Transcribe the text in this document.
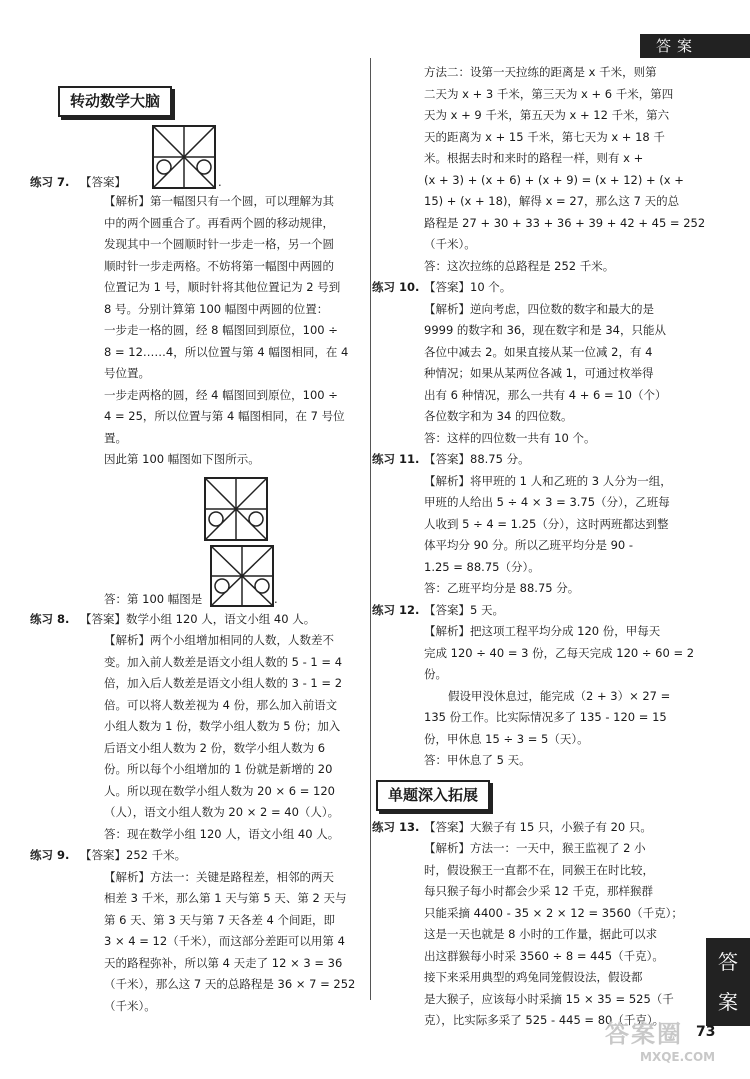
答案
答
案
转动数学大脑
练习 7. 【答案】	.
【解析】第一幅图只有一个圆，可以理解为其
中的两个圆重合了。再看两个圆的移动规律，
发现其中一个圆顺时针一步走一格，另一个圆
顺时针一步走两格。不妨将第一幅图中两圆的
位置记为 1 号，顺时针将其他位置记为 2 号到
8 号。分别计算第 100 幅图中两圆的位置：
一步走一格的圆，经 8 幅图回到原位，100 ÷
8 = 12……4，所以位置与第 4 幅图相同，在 4
号位置。
一步走两格的圆，经 4 幅图回到原位，100 ÷
4 = 25，所以位置与第 4 幅图相同，在 7 号位
置。
因此第 100 幅图如下图所示。
答：第 100 幅图是	.
练习 8. 【答案】数学小组 120 人，语文小组 40 人。
【解析】两个小组增加相同的人数，人数差不
变。加入前人数差是语文小组人数的 5 - 1 = 4
倍，加入后人数差是语文小组人数的 3 - 1 = 2
倍。可以将人数差视为 4 份，那么加入前语文
小组人数为 1 份，数学小组人数为 5 份；加入
后语文小组人数为 2 份，数学小组人数为 6
份。所以每个小组增加的 1 份就是新增的 20
人。所以现在数学小组人数为 20 × 6 = 120
（人），语文小组人数为 20 × 2 = 40（人）。
答：现在数学小组 120 人，语文小组 40 人。
练习 9. 【答案】252 千米。
【解析】方法一：关键是路程差，相邻的两天
相差 3 千米，那么第 1 天与第 5 天、第 2 天与
第 6 天、第 3 天与第 7 天各差 4 个间距，即
3 × 4 = 12（千米），而这部分差距可以用第 4
天的路程弥补，所以第 4 天走了 12 × 3 = 36
（千米），那么这 7 天的总路程是 36 × 7 = 252
（千米）。
方法二：设第一天拉练的距离是 x 千米，则第
二天为 x + 3 千米，第三天为 x + 6 千米，第四
天为 x + 9 千米，第五天为 x + 12 千米，第六
天的距离为 x + 15 千米，第七天为 x + 18 千
米。根据去时和来时的路程一样，则有 x +
(x + 3) + (x + 6) + (x + 9) = (x + 12) + (x +
15) + (x + 18)，解得 x = 27，那么这 7 天的总
路程是 27 + 30 + 33 + 36 + 39 + 42 + 45 = 252
（千米）。
答：这次拉练的总路程是 252 千米。
练习 10. 【答案】10 个。
【解析】逆向考虑，四位数的数字和最大的是
9999 的数字和 36，现在数字和是 34，只能从
各位中减去 2。如果直接从某一位减 2，有 4
种情况；如果从某两位各减 1，可通过枚举得
出有 6 种情况，那么一共有 4 + 6 = 10（个）
各位数字和为 34 的四位数。
答：这样的四位数一共有 10 个。
练习 11. 【答案】88.75 分。
【解析】将甲班的 1 人和乙班的 3 人分为一组，
甲班的人给出 5 ÷ 4 × 3 = 3.75（分），乙班每
人收到 5 ÷ 4 = 1.25（分），这时两班都达到整
体平均分 90 分。所以乙班平均分是 90 -
1.25 = 88.75（分）。
答：乙班平均分是 88.75 分。
练习 12. 【答案】5 天。
【解析】把这项工程平均分成 120 份，甲每天
完成 120 ÷ 40 = 3 份，乙每天完成 120 ÷ 60 = 2
份。
假设甲没休息过，能完成（2 + 3）× 27 =
135 份工作。比实际情况多了 135 - 120 = 15
份，甲休息 15 ÷ 3 = 5（天）。
答：甲休息了 5 天。
单题深入拓展
练习 13. 【答案】大猴子有 15 只，小猴子有 20 只。
【解析】方法一：一天中，猴王监视了 2 小
时，假设猴王一直都不在，同猴王在时比较，
每只猴子每小时都会少采 12 千克，那样猴群
只能采摘 4400 - 35 × 2 × 12 = 3560（千克）；
这是一天也就是 8 小时的工作量，据此可以求
出这群猴每小时采 3560 ÷ 8 = 445（千克）。
接下来采用典型的鸡兔同笼假设法，假设都
是大猴子，应该每小时采摘 15 × 35 = 525（千
克），比实际多采了 525 - 445 = 80（千克）。
答案圈
MXQE.COM
73
